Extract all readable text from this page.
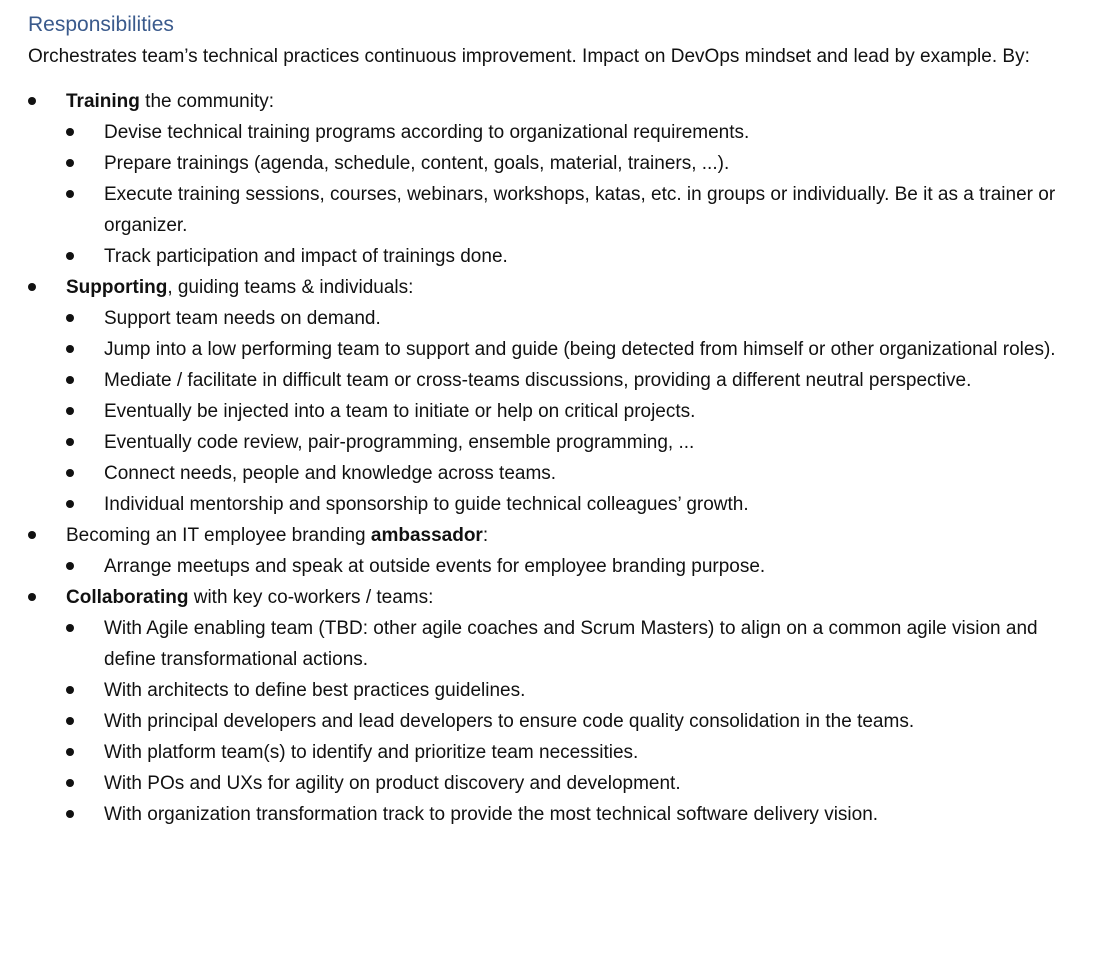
Responsibilities

Orchestrates team’s technical practices continuous improvement. Impact on DevOps mindset and lead by example. By:

Training the community:
Devise technical training programs according to organizational requirements.
Prepare trainings (agenda, schedule, content, goals, material, trainers, ...).
Execute training sessions, courses, webinars, workshops, katas, etc. in groups or individually. Be it as a trainer or organizer.
Track participation and impact of trainings done.
Supporting, guiding teams & individuals:
Support team needs on demand.
Jump into a low performing team to support and guide (being detected from himself or other organizational roles).
Mediate / facilitate in difficult team or cross-teams discussions, providing a different neutral perspective.
Eventually be injected into a team to initiate or help on critical projects.
Eventually code review, pair-programming, ensemble programming, ...
Connect needs, people and knowledge across teams.
Individual mentorship and sponsorship to guide technical colleagues’ growth.
Becoming an IT employee branding ambassador:
Arrange meetups and speak at outside events for employee branding purpose.
Collaborating with key co-workers / teams:
With Agile enabling team (TBD: other agile coaches and Scrum Masters) to align on a common agile vision and define transformational actions.
With architects to define best practices guidelines.
With principal developers and lead developers to ensure code quality consolidation in the teams.
With platform team(s) to identify and prioritize team necessities.
With POs and UXs for agility on product discovery and development.
With organization transformation track to provide the most technical software delivery vision.
